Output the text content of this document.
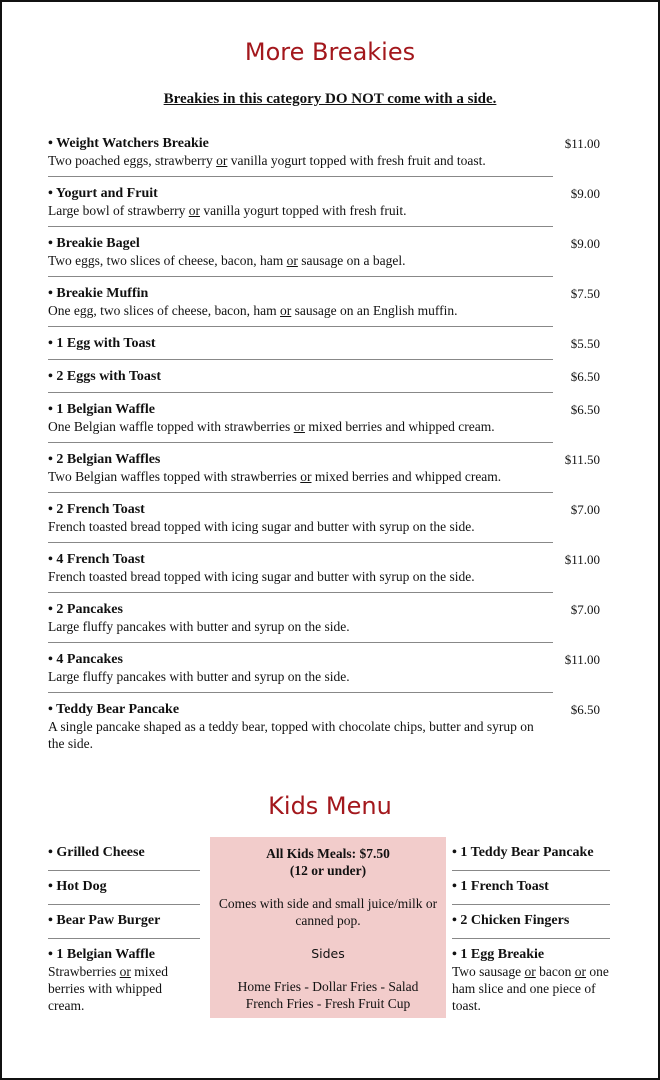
More Breakies
Breakies in this category DO NOT come with a side.
• Weight Watchers Breakie	$11.00
Two poached eggs, strawberry or vanilla yogurt topped with fresh fruit and toast.
• Yogurt and Fruit	$9.00
Large bowl of strawberry or vanilla yogurt topped with fresh fruit.
• Breakie Bagel	$9.00
Two eggs, two slices of cheese, bacon, ham or sausage on a bagel.
• Breakie Muffin	$7.50
One egg, two slices of cheese, bacon, ham or sausage on an English muffin.
• 1 Egg with Toast	$5.50
• 2 Eggs with Toast	$6.50
• 1 Belgian Waffle	$6.50
One Belgian waffle topped with strawberries or mixed berries and whipped cream.
• 2 Belgian Waffles	$11.50
Two Belgian waffles topped with strawberries or mixed berries and whipped cream.
• 2 French Toast	$7.00
French toasted bread topped with icing sugar and butter with syrup on the side.
• 4 French Toast	$11.00
French toasted bread topped with icing sugar and butter with syrup on the side.
• 2 Pancakes	$7.00
Large fluffy pancakes with butter and syrup on the side.
• 4 Pancakes	$11.00
Large fluffy pancakes with butter and syrup on the side.
• Teddy Bear Pancake	$6.50
A single pancake shaped as a teddy bear, topped with chocolate chips, butter and syrup on the side.
Kids Menu
• Grilled Cheese
• Hot Dog
• Bear Paw Burger
• 1 Belgian Waffle
Strawberries or mixed berries with whipped cream.
All Kids Meals: $7.50
(12 or under)
Comes with side and small juice/milk or canned pop.
Sides
Home Fries - Dollar Fries - Salad
French Fries - Fresh Fruit Cup
• 1 Teddy Bear Pancake
• 1 French Toast
• 2 Chicken Fingers
• 1 Egg Breakie
Two sausage or bacon or one ham slice and one piece of toast.
